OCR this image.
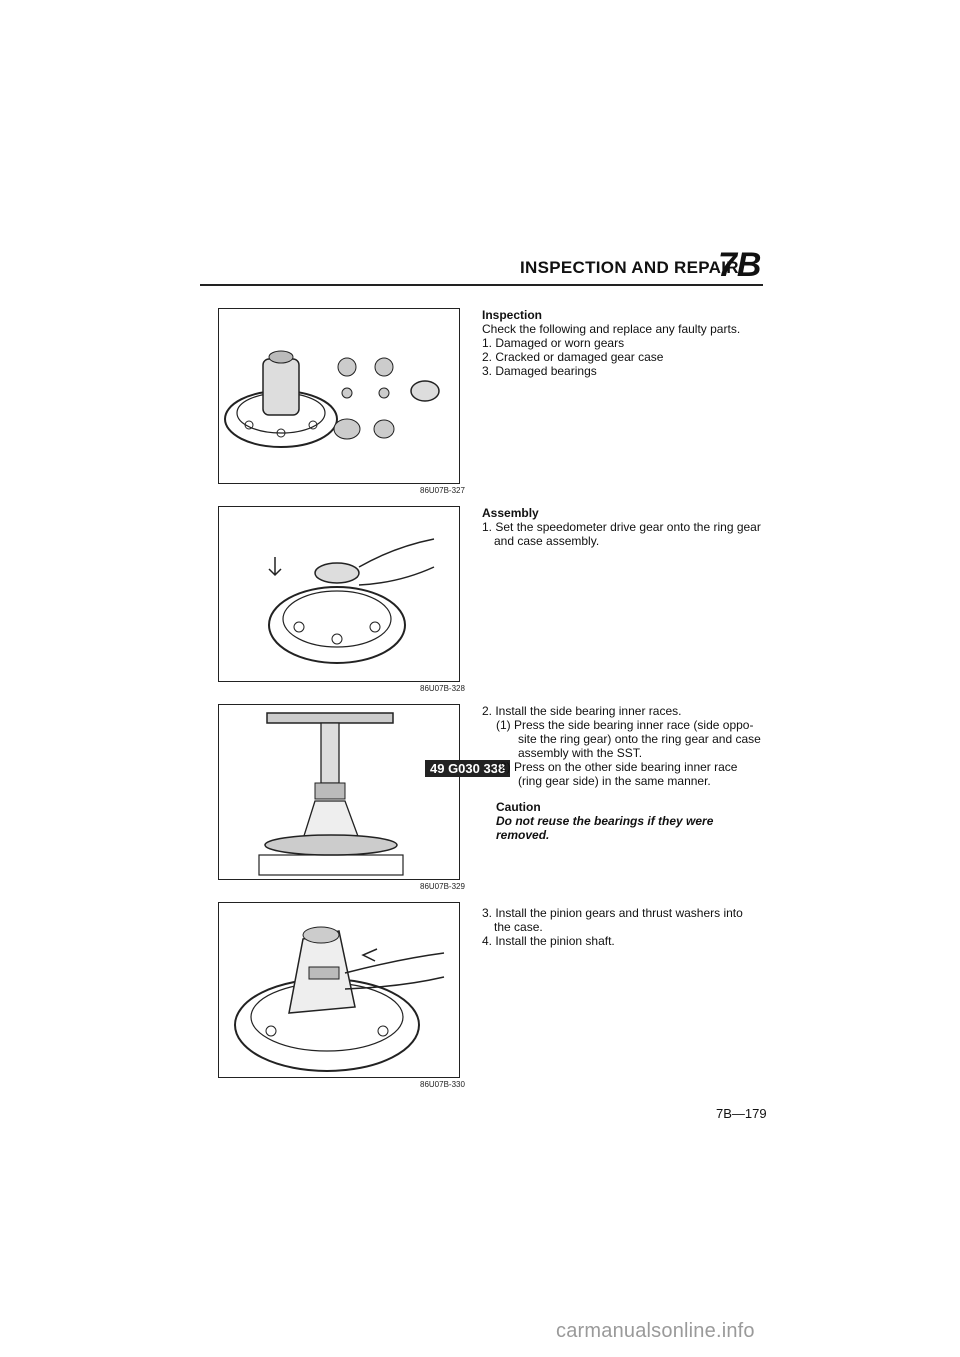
INSPECTION AND REPAIR
7B
86U07B-327
86U07B-328
49 G030 338
86U07B-329
86U07B-330
Inspection
Check the following and replace any faulty parts.
1. Damaged or worn gears
2. Cracked or damaged gear case
3. Damaged bearings
Assembly
1. Set the speedometer drive gear onto the ring gear and case assembly.
2. Install the side bearing inner races.
(1) Press the side bearing inner race (side oppo-site the ring gear) onto the ring gear and case assembly with the SST.
(2) Press on the other side bearing inner race (ring gear side) in the same manner.
Caution
Do not reuse the bearings if they were removed.
3. Install the pinion gears and thrust washers into the case.
4. Install the pinion shaft.
7B—179
carmanualsonline.info
